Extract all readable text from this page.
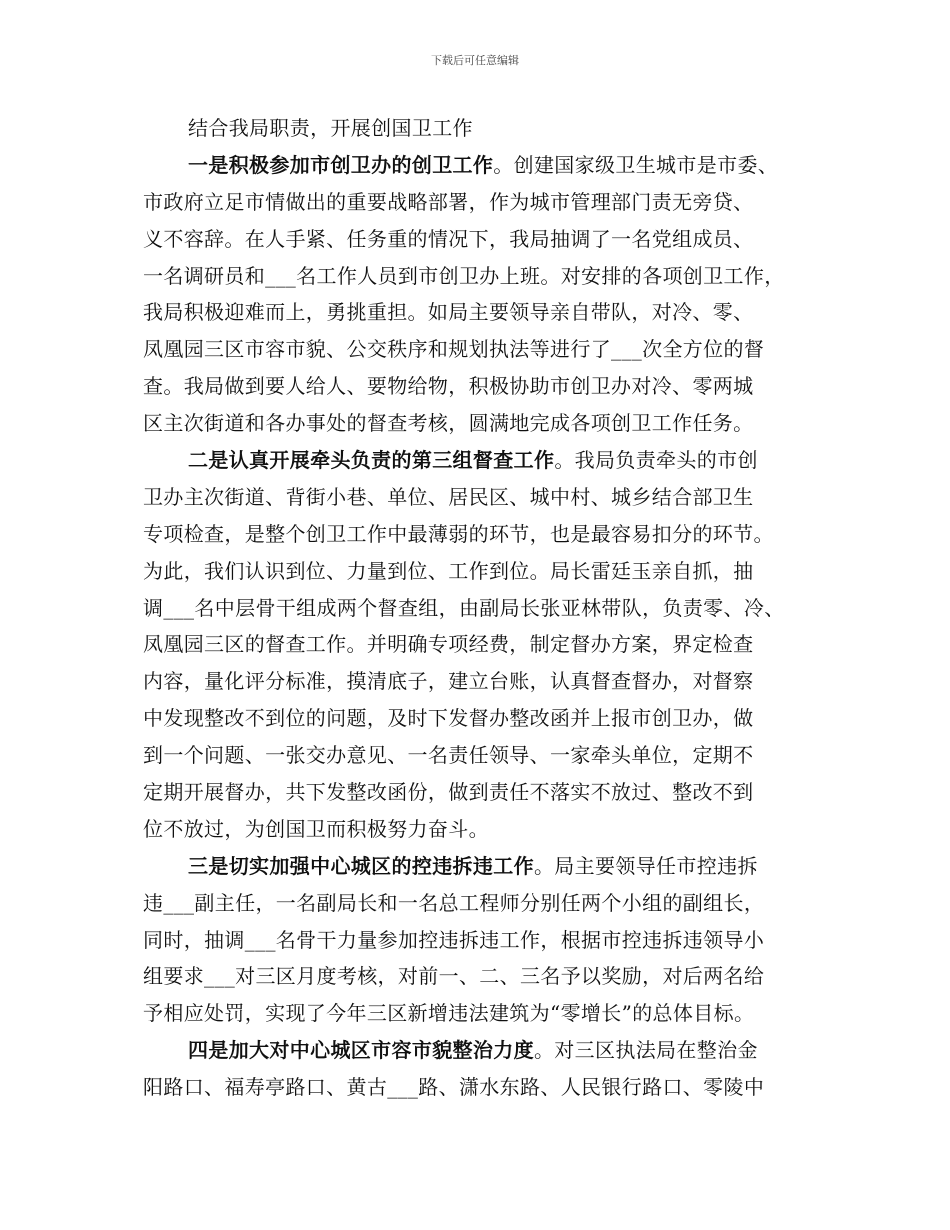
下载后可任意编辑
结合我局职责，开展创国卫工作
一是积极参加市创卫办的创卫工作。创建国家级卫生城市是市委、
市政府立足市情做出的重要战略部署，作为城市管理部门责无旁贷、
义不容辞。在人手紧、任务重的情况下，我局抽调了一名党组成员、
一名调研员和___名工作人员到市创卫办上班。对安排的各项创卫工作，
我局积极迎难而上，勇挑重担。如局主要领导亲自带队，对冷、零、
凤凰园三区市容市貌、公交秩序和规划执法等进行了___次全方位的督
查。我局做到要人给人、要物给物，积极协助市创卫办对冷、零两城
区主次街道和各办事处的督查考核，圆满地完成各项创卫工作任务。
二是认真开展牵头负责的第三组督查工作。我局负责牵头的市创
卫办主次街道、背街小巷、单位、居民区、城中村、城乡结合部卫生
专项检查，是整个创卫工作中最薄弱的环节，也是最容易扣分的环节。
为此，我们认识到位、力量到位、工作到位。局长雷廷玉亲自抓，抽
调___名中层骨干组成两个督查组，由副局长张亚林带队，负责零、冷、
凤凰园三区的督查工作。并明确专项经费，制定督办方案，界定检查
内容，量化评分标准，摸清底子，建立台账，认真督查督办，对督察
中发现整改不到位的问题，及时下发督办整改函并上报市创卫办，做
到一个问题、一张交办意见、一名责任领导、一家牵头单位，定期不
定期开展督办，共下发整改函份，做到责任不落实不放过、整改不到
位不放过，为创国卫而积极努力奋斗。
三是切实加强中心城区的控违拆违工作。局主要领导任市控违拆
违___副主任，一名副局长和一名总工程师分别任两个小组的副组长，
同时，抽调___名骨干力量参加控违拆违工作，根据市控违拆违领导小
组要求___对三区月度考核，对前一、二、三名予以奖励，对后两名给
予相应处罚，实现了今年三区新增违法建筑为“零增长”的总体目标。
四是加大对中心城区市容市貌整治力度。对三区执法局在整治金
阳路口、福寿亭路口、黄古___路、潇水东路、人民银行路口、零陵中
